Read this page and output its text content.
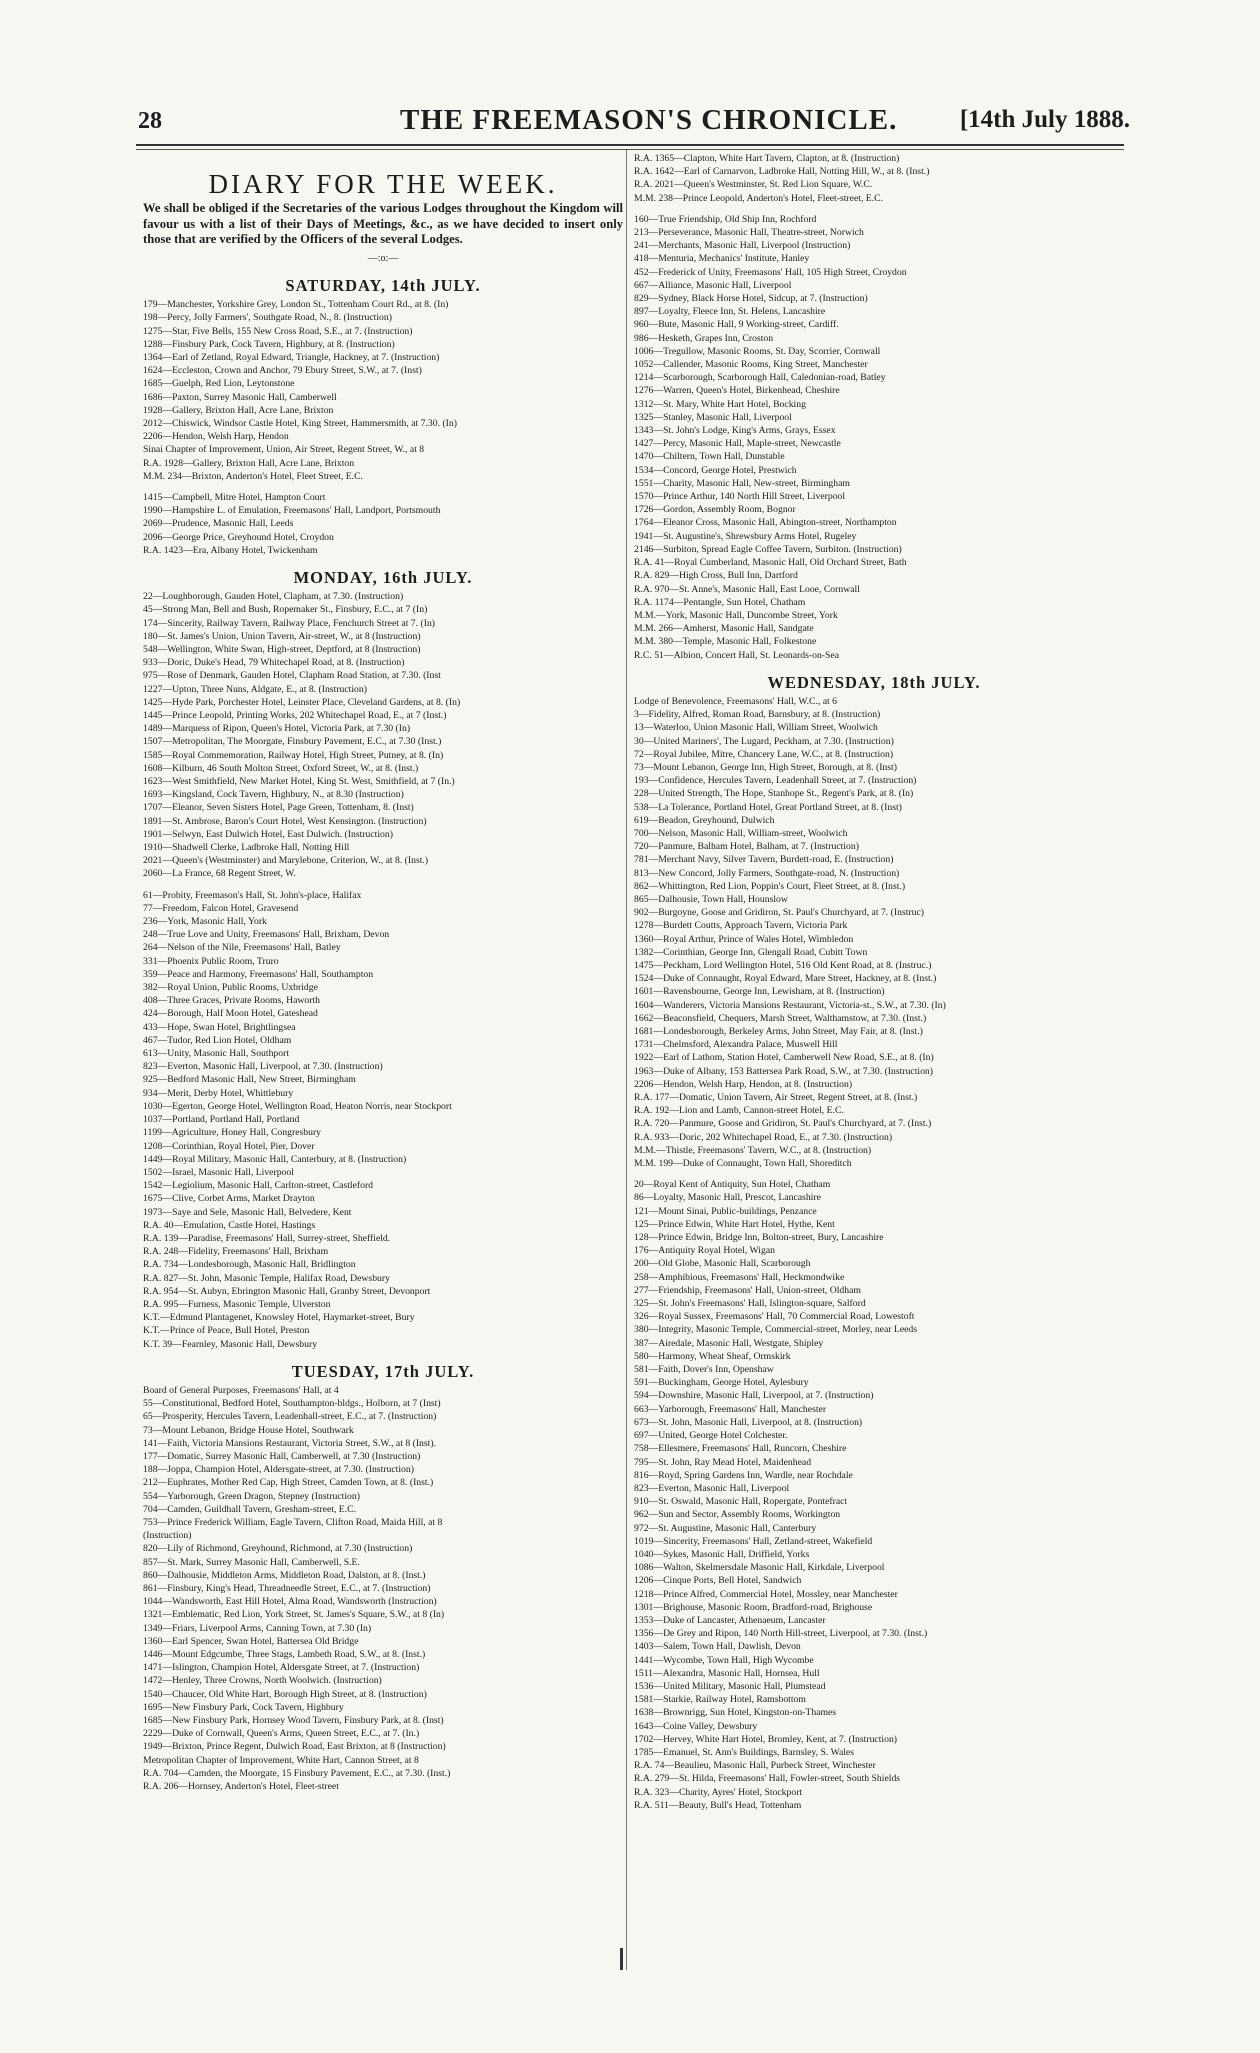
28	THE FREEMASON'S CHRONICLE.	[14th July 1888.
DIARY FOR THE WEEK.

We shall be obliged if the Secretaries of the various Lodges throughout the Kingdom will favour us with a list of their Days of Meetings, &c., as we have decided to insert only those that are verified by the Officers of the several Lodges.

—:o:—
SATURDAY, 14th JULY.
179—Manchester, Yorkshire Grey, London St., Tottenham Court Rd., at 8. (In)
198—Percy, Jolly Farmers', Southgate Road, N., 8. (Instruction)
1275—Star, Five Bells, 155 New Cross Road, S.E., at 7. (Instruction)
1288—Finsbury Park, Cock Tavern, Highbury, at 8. (Instruction)
1364—Earl of Zetland, Royal Edward, Triangle, Hackney, at 7. (Instruction)
1624—Eccleston, Crown and Anchor, 79 Ebury Street, S.W., at 7. (Inst)
1685—Guelph, Red Lion, Leytonstone
1686—Paxton, Surrey Masonic Hall, Camberwell
1928—Gallery, Brixton Hall, Acre Lane, Brixton
2012—Chiswick, Windsor Castle Hotel, King Street, Hammersmith, at 7.30. (In)
2206—Hendon, Welsh Harp, Hendon
Sinai Chapter of Improvement, Union, Air Street, Regent Street, W., at 8
R.A. 1928—Gallery, Brixton Hall, Acre Lane, Brixton
M.M. 234—Brixton, Anderton's Hotel, Fleet Street, E.C.
1415—Campbell, Mitre Hotel, Hampton Court
1990—Hampshire L. of Emulation, Freemasons' Hall, Landport, Portsmouth
2069—Prudence, Masonic Hall, Leeds
2096—George Price, Greyhound Hotel, Croydon
R.A. 1423—Era, Albany Hotel, Twickenham
MONDAY, 16th JULY.
22—Loughborough, Gauden Hotel, Clapham, at 7.30. (Instruction)
45—Strong Man, Bell and Bush, Ropemaker St., Finsbury, E.C., at 7 (In)
174—Sincerity, Railway Tavern, Railway Place, Fenchurch Street at 7. (In)
180—St. James's Union, Union Tavern, Air-street, W., at 8 (Instruction)
548—Wellington, White Swan, High-street, Deptford, at 8 (Instruction)
933—Doric, Duke's Head, 79 Whitechapel Road, at 8. (Instruction)
975—Rose of Denmark, Gauden Hotel, Clapham Road Station, at 7.30. (Inst
1227—Upton, Three Nuns, Aldgate, E., at 8. (Instruction)
1425—Hyde Park, Porchester Hotel, Leinster Place, Cleveland Gardens, at 8. (In)
1445—Prince Leopold, Printing Works, 202 Whitechapel Road, E., at 7 (Inst.)
1489—Marquess of Ripon, Queen's Hotel, Victoria Park, at 7.30 (In)
1507—Metropolitan, The Moorgate, Finsbury Pavement, E.C., at 7.30 (Inst.)
1585—Royal Commemoration, Railway Hotel, High Street, Putney, at 8. (In)
1608—Kilburn, 46 South Molton Street, Oxford Street, W., at 8. (Inst.)
1623—West Smithfield, New Market Hotel, King St. West, Smithfield, at 7 (In.)
1693—Kingsland, Cock Tavern, Highbury, N., at 8.30 (Instruction)
1707—Eleanor, Seven Sisters Hotel, Page Green, Tottenham, 8. (Inst)
1891—St. Ambrose, Baron's Court Hotel, West Kensington. (Instruction)
1901—Selwyn, East Dulwich Hotel, East Dulwich. (Instruction)
1910—Shadwell Clerke, Ladbroke Hall, Notting Hill
2021—Queen's (Westminster) and Marylebone, Criterion, W., at 8. (Inst.)
2060—La France, 68 Regent Street, W.
61—Probity, Freemason's Hall, St. John's-place, Halifax
77—Freedom, Falcon Hotel, Gravesend
236—York, Masonic Hall, York
248—True Love and Unity, Freemasons' Hall, Brixham, Devon
264—Nelson of the Nile, Freemasons' Hall, Batley
331—Phoenix Public Room, Truro
359—Peace and Harmony, Freemasons' Hall, Southampton
382—Royal Union, Public Rooms, Uxbridge
408—Three Graces, Private Rooms, Haworth
424—Borough, Half Moon Hotel, Gateshead
433—Hope, Swan Hotel, Brightlingsea
467—Tudor, Red Lion Hotel, Oldham
613—Unity, Masonic Hall, Southport
823—Everton, Masonic Hall, Liverpool, at 7.30. (Instruction)
925—Bedford Masonic Hall, New Street, Birmingham
934—Merit, Derby Hotel, Whittlebury
1030—Egerton, George Hotel, Wellington Road, Heaton Norris, near Stockport
1037—Portland, Portland Hall, Portland
1199—Agriculture, Honey Hall, Congresbury
1208—Corinthian, Royal Hotel, Pier, Dover
1449—Royal Military, Masonic Hall, Canterbury, at 8. (Instruction)
1502—Israel, Masonic Hall, Liverpool
1542—Legiolium, Masonic Hall, Carlton-street, Castleford
1675—Clive, Corbet Arms, Market Drayton
1973—Saye and Sele, Masonic Hall, Belvedere, Kent
R.A. 40—Emulation, Castle Hotel, Hastings
R.A. 139—Paradise, Freemasons' Hall, Surrey-street, Sheffield.
R.A. 248—Fidelity, Freemasons' Hall, Brixham
R.A. 734—Londesborough, Masonic Hall, Bridlington
R.A. 827—St. John, Masonic Temple, Halifax Road, Dewsbury
R.A. 954—St. Aubyn, Ebrington Masonic Hall, Granby Street, Devonport
R.A. 995—Furness, Masonic Temple, Ulverston
K.T.—Edmund Plantagenet, Knowsley Hotel, Haymarket-street, Bury
K.T.—Prince of Peace, Bull Hotel, Preston
K.T. 39—Fearnley, Masonic Hall, Dewsbury
TUESDAY, 17th JULY.
Board of General Purposes, Freemasons' Hall, at 4
55—Constitutional, Bedford Hotel, Southampton-bldgs., Holborn, at 7 (Inst)
65—Prosperity, Hercules Tavern, Leadenhall-street, E.C., at 7. (Instruction)
73—Mount Lebanon, Bridge House Hotel, Southwark
141—Faith, Victoria Mansions Restaurant, Victoria Street, S.W., at 8 (Inst).
177—Domatic, Surrey Masonic Hall, Camberwell, at 7.30 (Instruction)
188—Joppa, Champion Hotel, Aldersgate-street, at 7.30. (Instruction)
212—Euphrates, Mother Red Cap, High Street, Camden Town, at 8. (Inst.)
554—Yarborough, Green Dragon, Stepney (Instruction)
704—Camden, Guildhall Tavern, Gresham-street, E.C.
753—Prince Frederick William, Eagle Tavern, Clifton Road, Maida Hill, at 8
(Instruction)
820—Lily of Richmond, Greyhound, Richmond, at 7.30 (Instruction)
857—St. Mark, Surrey Masonic Hall, Camberwell, S.E.
860—Dalhousie, Middleton Arms, Middleton Road, Dalston, at 8. (Inst.)
861—Finsbury, King's Head, Threadneedle Street, E.C., at 7. (Instruction)
1044—Wandsworth, East Hill Hotel, Alma Road, Wandsworth (Instruction)
1321—Emblematic, Red Lion, York Street, St. James's Square, S.W., at 8 (In)
1349—Friars, Liverpool Arms, Canning Town, at 7.30 (In)
1360—Earl Spencer, Swan Hotel, Battersea Old Bridge
1446—Mount Edgcumbe, Three Stags, Lambeth Road, S.W., at 8. (Inst.)
1471—Islington, Champion Hotel, Aldersgate Street, at 7. (Instruction)
1472—Henley, Three Crowns, North Woolwich. (Instruction)
1540—Chaucer, Old White Hart, Borough High Street, at 8. (Instruction)
1695—New Finsbury Park, Cock Tavern, Highbury
1685—New Finsbury Park, Hornsey Wood Tavern, Finsbury Park, at 8. (Inst)
2229—Duke of Cornwall, Queen's Arms, Queen Street, E.C., at 7. (In.)
1949—Brixton, Prince Regent, Dulwich Road, East Brixton, at 8 (Instruction)
Metropolitan Chapter of Improvement, White Hart, Cannon Street, at 8
R.A. 704—Camden, the Moorgate, 15 Finsbury Pavement, E.C., at 7.30. (Inst.)
R.A. 206—Hornsey, Anderton's Hotel, Fleet-street
R.A. 1365—Clapton, White Hart Tavern, Clapton, at 8. (Instruction)
R.A. 1642—Earl of Carnarvon, Ladbroke Hall, Notting Hill, W., at 8. (Inst.)
R.A. 2021—Queen's Westminster, St. Red Lion Square, W.C.
M.M. 238—Prince Leopold, Anderton's Hotel, Fleet-street, E.C.
160—True Friendship, Old Ship Inn, Rochford
213—Perseverance, Masonic Hall, Theatre-street, Norwich
241—Merchants, Masonic Hall, Liverpool (Instruction)
418—Menturia, Mechanics' Institute, Hanley
452—Frederick of Unity, Freemasons' Hall, 105 High Street, Croydon
667—Alliance, Masonic Hall, Liverpool
829—Sydney, Black Horse Hotel, Sidcup, at 7. (Instruction)
897—Loyalty, Fleece Inn, St. Helens, Lancashire
960—Bute, Masonic Hall, 9 Working-street, Cardiff.
986—Hesketh, Grapes Inn, Croston
1006—Tregullow, Masonic Rooms, St. Day, Scorrier, Cornwall
1052—Callender, Masonic Rooms, King Street, Manchester
1214—Scarborough, Scarborough Hall, Caledonian-road, Batley
1276—Warren, Queen's Hotel, Birkenhead, Cheshire
1312—St. Mary, White Hart Hotel, Bocking
1325—Stanley, Masonic Hall, Liverpool
1343—St. John's Lodge, King's Arms, Grays, Essex
1427—Percy, Masonic Hall, Maple-street, Newcastle
1470—Chiltern, Town Hall, Dunstable
1534—Concord, George Hotel, Prestwich
1551—Charity, Masonic Hall, New-street, Birmingham
1570—Prince Arthur, 140 North Hill Street, Liverpool
1726—Gordon, Assembly Room, Bognor
1764—Eleanor Cross, Masonic Hall, Abington-street, Northampton
1941—St. Augustine's, Shrewsbury Arms Hotel, Rugeley
2146—Surbiton, Spread Eagle Coffee Tavern, Surbiton. (Instruction)
R.A. 41—Royal Cumberland, Masonic Hall, Old Orchard Street, Bath
R.A. 829—High Cross, Bull Inn, Dartford
R.A. 970—St. Anne's, Masonic Hall, East Looe, Cornwall
R.A. 1174—Pentangle, Sun Hotel, Chatham
M.M.—York, Masonic Hall, Duncombe Street, York
M.M. 266—Amherst, Masonic Hall, Sandgate
M.M. 380—Temple, Masonic Hall, Folkestone
R.C. 51—Albion, Concert Hall, St. Leonards-on-Sea
WEDNESDAY, 18th JULY.
Lodge of Benevolence, Freemasons' Hall, W.C., at 6
3—Fidelity, Alfred, Roman Road, Barnsbury, at 8. (Instruction)
13—Waterloo, Union Masonic Hall, William Street, Woolwich
30—United Mariners', The Lugard, Peckham, at 7.30. (Instruction)
72—Royal Jubilee, Mitre, Chancery Lane, W.C., at 8. (Instruction)
73—Mount Lebanon, George Inn, High Street, Borough, at 8. (Inst)
193—Confidence, Hercules Tavern, Leadenhall Street, at 7. (Instruction)
228—United Strength, The Hope, Stanhope St., Regent's Park, at 8. (In)
538—La Tolerance, Portland Hotel, Great Portland Street, at 8. (Inst)
619—Beadon, Greyhound, Dulwich
700—Nelson, Masonic Hall, William-street, Woolwich
720—Panmure, Balham Hotel, Balham, at 7. (Instruction)
781—Merchant Navy, Silver Tavern, Burdett-road, E. (Instruction)
813—New Concord, Jolly Farmers, Southgate-road, N. (Instruction)
862—Whittington, Red Lion, Poppin's Court, Fleet Street, at 8. (Inst.)
865—Dalhousie, Town Hall, Hounslow
902—Burgoyne, Goose and Gridiron, St. Paul's Churchyard, at 7. (Instruc)
1278—Burdett Coutts, Approach Tavern, Victoria Park
1360—Royal Arthur, Prince of Wales Hotel, Wimbledon
1382—Corinthian, George Inn, Glengall Road, Cubitt Town
1475—Peckham, Lord Wellington Hotel, 516 Old Kent Road, at 8. (Instruc.)
1524—Duke of Connaught, Royal Edward, Mare Street, Hackney, at 8. (Inst.)
1601—Ravensbourne, George Inn, Lewisham, at 8. (Instruction)
1604—Wanderers, Victoria Mansions Restaurant, Victoria-st., S.W., at 7.30. (In)
1662—Beaconsfield, Chequers, Marsh Street, Walthamstow, at 7.30. (Inst.)
1681—Londesborough, Berkeley Arms, John Street, May Fair, at 8. (Inst.)
1731—Chelmsford, Alexandra Palace, Muswell Hill
1922—Earl of Lathom, Station Hotel, Camberwell New Road, S.E., at 8. (In)
1963—Duke of Albany, 153 Battersea Park Road, S.W., at 7.30. (Instruction)
2206—Hendon, Welsh Harp, Hendon, at 8. (Instruction)
R.A. 177—Domatic, Union Tavern, Air Street, Regent Street, at 8. (Inst.)
R.A. 192—Lion and Lamb, Cannon-street Hotel, E.C.
R.A. 720—Panmure, Goose and Gridiron, St. Paul's Churchyard, at 7. (Inst.)
R.A. 933—Doric, 202 Whitechapel Road, E., at 7.30. (Instruction)
M.M.—Thistle, Freemasons' Tavern, W.C., at 8. (Instruction)
M.M. 199—Duke of Connaught, Town Hall, Shoreditch
20—Royal Kent of Antiquity, Sun Hotel, Chatham
86—Loyalty, Masonic Hall, Prescot, Lancashire
121—Mount Sinai, Public-buildings, Penzance
125—Prince Edwin, White Hart Hotel, Hythe, Kent
128—Prince Edwin, Bridge Inn, Bolton-street, Bury, Lancashire
176—Antiquity Royal Hotel, Wigan
200—Old Globe, Masonic Hall, Scarborough
258—Amphibious, Freemasons' Hall, Heckmondwike
277—Friendship, Freemasons' Hall, Union-street, Oldham
325—St. John's Freemasons' Hall, Islington-square, Salford
326—Royal Sussex, Freemasons' Hall, 70 Commercial Road, Lowestoft
380—Integrity, Masonic Temple, Commercial-street, Morley, near Leeds
387—Airedale, Masonic Hall, Westgate, Shipley
580—Harmony, Wheat Sheaf, Ormskirk
581—Faith, Dover's Inn, Openshaw
591—Buckingham, George Hotel, Aylesbury
594—Downshire, Masonic Hall, Liverpool, at 7. (Instruction)
663—Yarborough, Freemasons' Hall, Manchester
673—St. John, Masonic Hall, Liverpool, at 8. (Instruction)
697—United, George Hotel Colchester.
758—Ellesmere, Freemasons' Hall, Runcorn, Cheshire
795—St. John, Ray Mead Hotel, Maidenhead
816—Royd, Spring Gardens Inn, Wardle, near Rochdale
823—Everton, Masonic Hall, Liverpool
910—St. Oswald, Masonic Hall, Ropergate, Pontefract
962—Sun and Sector, Assembly Rooms, Workington
972—St. Augustine, Masonic Hall, Canterbury
1019—Sincerity, Freemasons' Hall, Zetland-street, Wakefield
1040—Sykes, Masonic Hall, Driffield, Yorks
1086—Walton, Skelmersdale Masonic Hall, Kirkdale, Liverpool
1206—Cinque Ports, Bell Hotel, Sandwich
1218—Prince Alfred, Commercial Hotel, Mossley, near Manchester
1301—Brighouse, Masonic Room, Bradford-road, Brighouse
1353—Duke of Lancaster, Athenaeum, Lancaster
1356—De Grey and Ripon, 140 North Hill-street, Liverpool, at 7.30. (Inst.)
1403—Salem, Town Hall, Dawlish, Devon
1441—Wycombe, Town Hall, High Wycombe
1511—Alexandra, Masonic Hall, Hornsea, Hull
1536—United Military, Masonic Hall, Plumstead
1581—Starkie, Railway Hotel, Ramsbottom
1638—Brownrigg, Sun Hotel, Kingston-on-Thames
1643—Coine Valley, Dewsbury
1702—Hervey, White Hart Hotel, Bromley, Kent, at 7. (Instruction)
1785—Emanuel, St. Ann's Buildings, Barnsley, S. Wales
R.A. 74—Beaulieu, Masonic Hall, Purbeck Street, Winchester
R.A. 279—St. Hilda, Freemasons' Hall, Fowler-street, South Shields
R.A. 323—Charity, Ayres' Hotel, Stockport
R.A. 511—Beauty, Bull's Head, Tottenham
